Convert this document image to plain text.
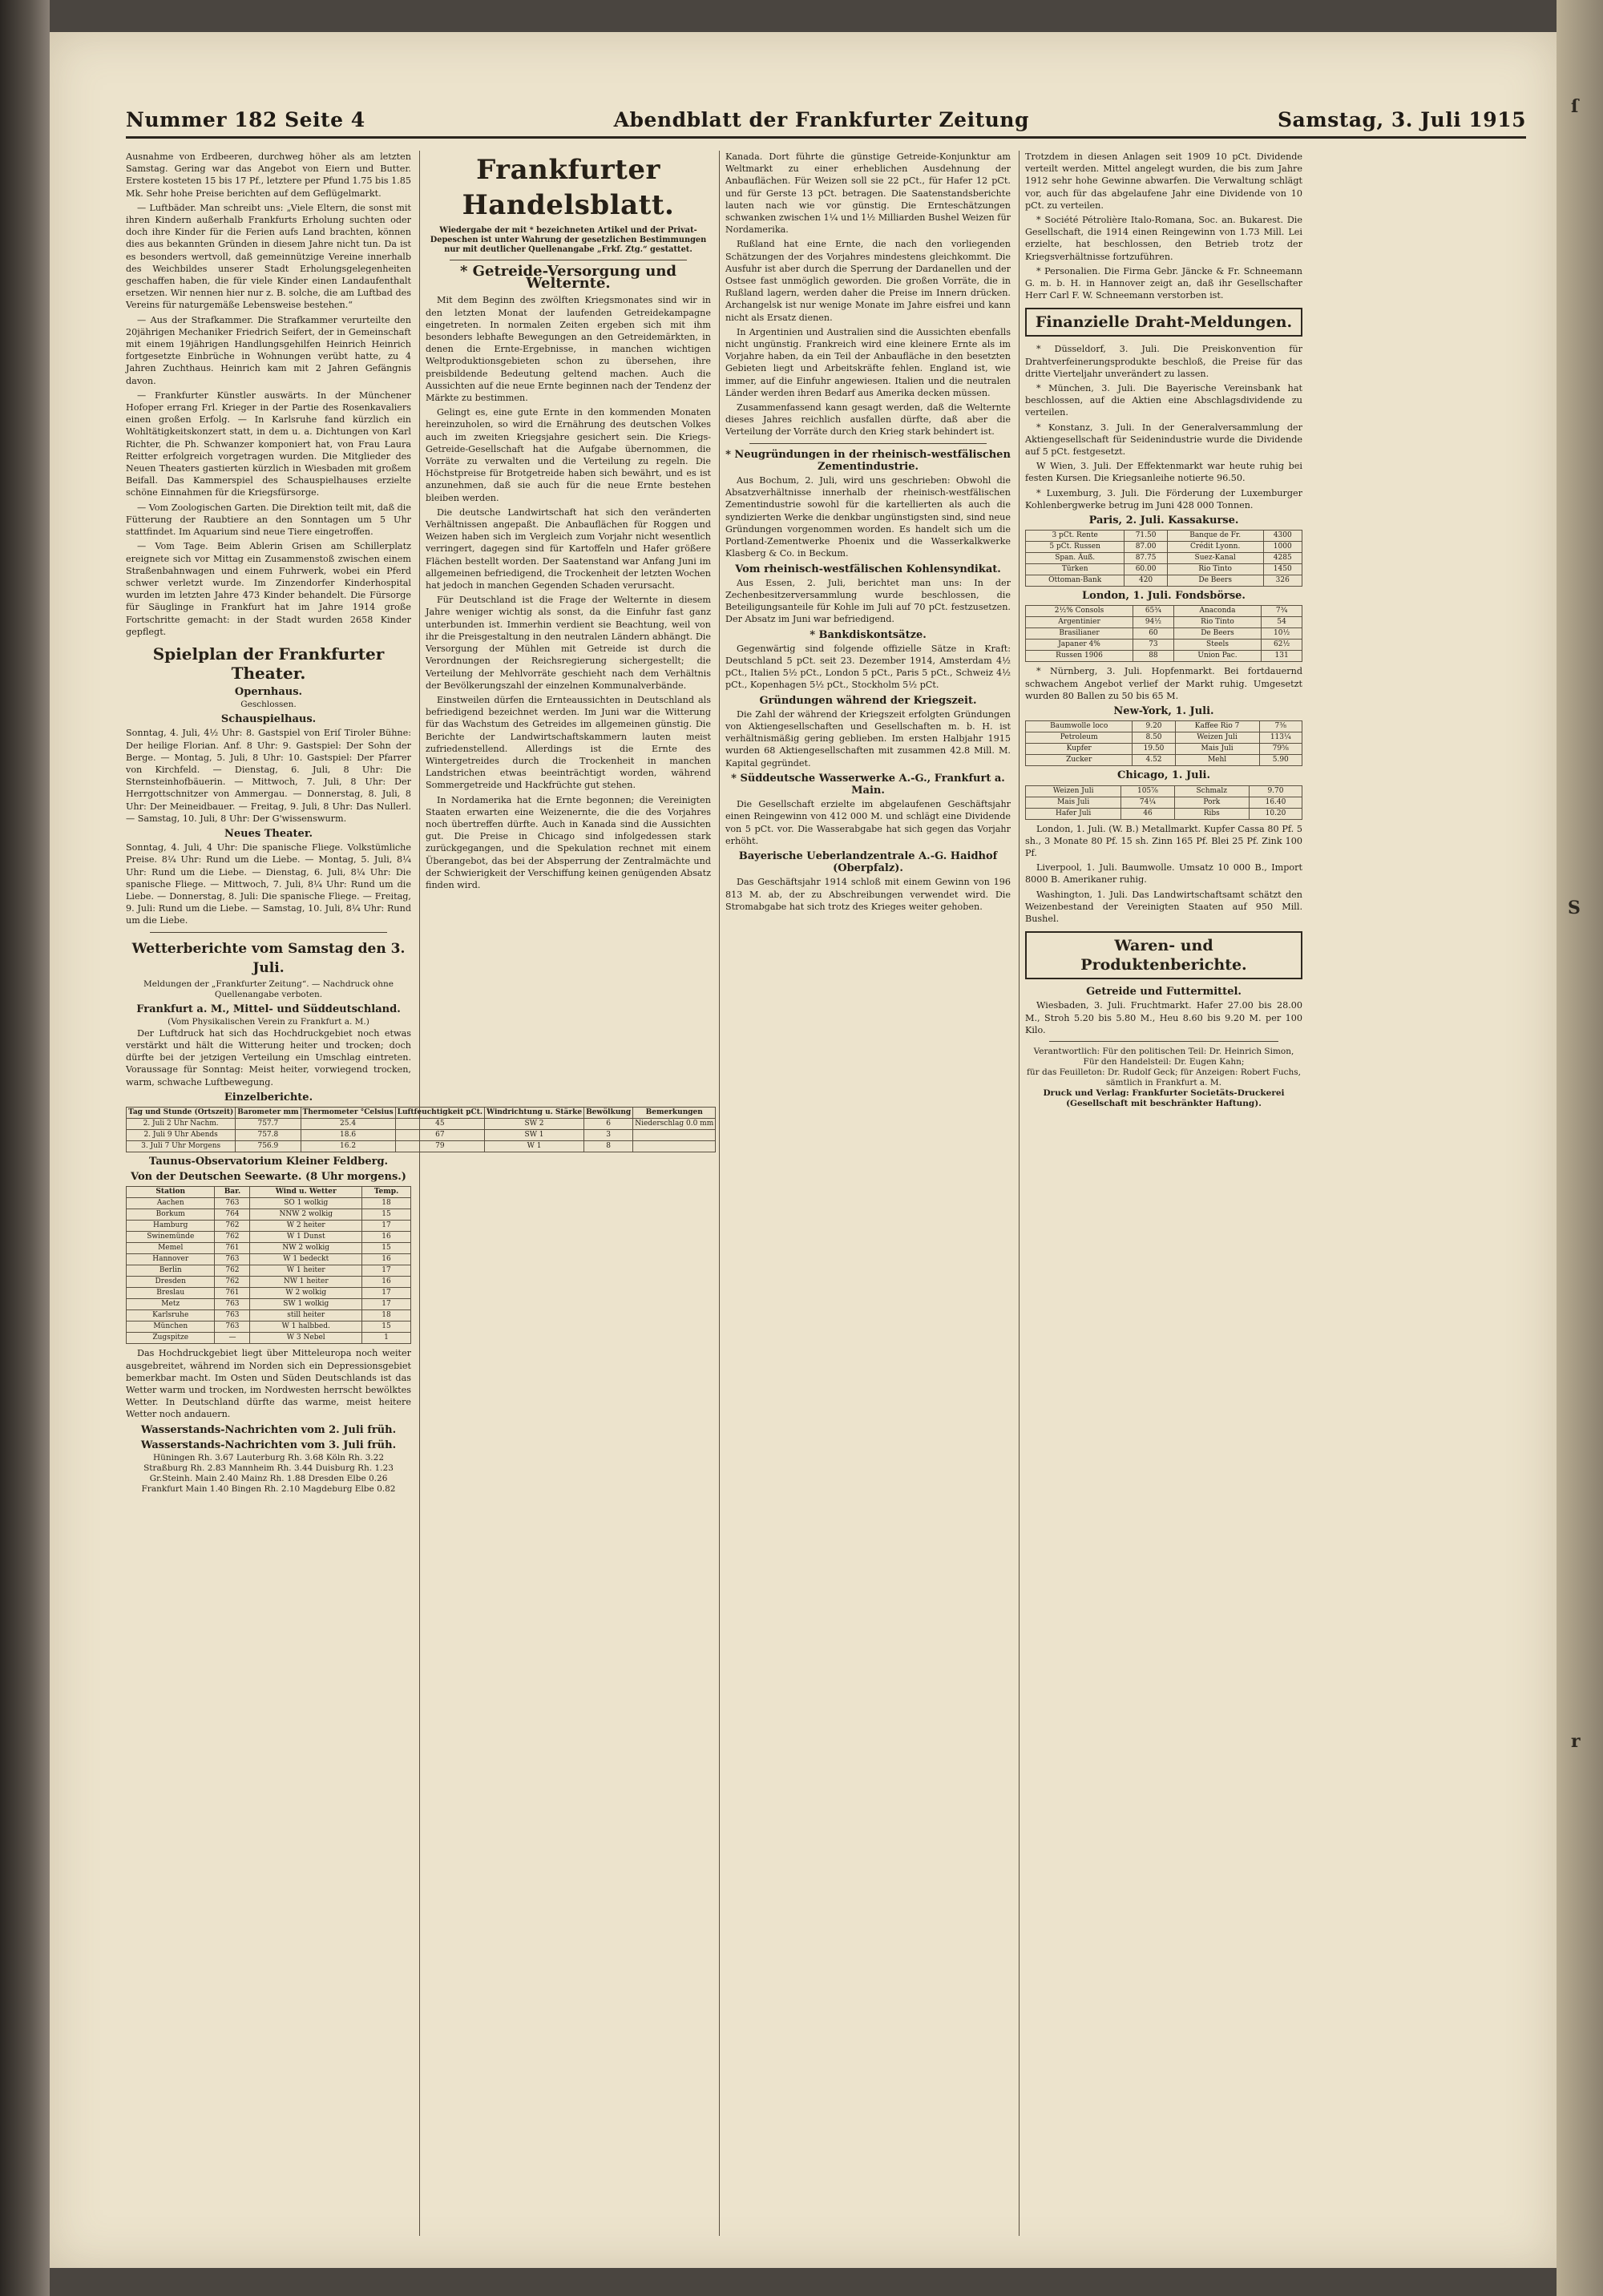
Nummer 182 Seite 4	Abendblatt der Frankfurter Zeitung	Samstag, 3. Juli 1915

Ausnahme von Erdbeeren, durchweg höher als am letzten Samstag. Gering war das Angebot von Eiern und Butter. Erstere kosteten 15 bis 17 Pf., letztere per Pfund 1.75 bis 1.85 Mk. Sehr hohe Preise berichten auf dem Geflügelmarkt.

— Luftbäder. Man schreibt uns: „Viele Eltern, die sonst mit ihren Kindern außerhalb Frankfurts Erholung suchten oder doch ihre Kinder für die Ferien aufs Land brachten, können dies aus bekannten Gründen in diesem Jahre nicht tun. Da ist es besonders wertvoll, daß gemeinnützige Vereine innerhalb des Weichbildes unserer Stadt Erholungsgelegenheiten geschaffen haben, die für viele Kinder einen Landaufenthalt ersetzen. Wir nennen hier nur z. B. solche, die am Luftbad des Vereins für naturgemäße Lebensweise bestehen.“

— Aus der Strafkammer. Die Strafkammer verurteilte den 20jährigen Mechaniker Friedrich Seifert, der in Gemeinschaft mit einem 19jährigen Handlungsgehilfen Heinrich Heinrich fortgesetzte Einbrüche in Wohnungen verübt hatte, zu 4 Jahren Zuchthaus. Heinrich kam mit 2 Jahren Gefängnis davon.

— Frankfurter Künstler auswärts. In der Münchener Hofoper errang Frl. Krieger in der Partie des Rosenkavaliers einen großen Erfolg. — In Karlsruhe fand kürzlich ein Wohltätigkeitskonzert statt, in dem u. a. Dichtungen von Karl Richter, die Ph. Schwanzer komponiert hat, von Frau Laura Reitter erfolgreich vorgetragen wurden. Die Mitglieder des Neuen Theaters gastierten kürzlich in Wiesbaden mit großem Beifall. Das Kammerspiel des Schauspielhauses erzielte schöne Einnahmen für die Kriegsfürsorge.

— Vom Zoologischen Garten. Die Direktion teilt mit, daß die Fütterung der Raubtiere an den Sonntagen um 5 Uhr stattfindet. Im Aquarium sind neue Tiere eingetroffen.

— Vom Tage. Beim Ablerin Grisen am Schillerplatz ereignete sich vor Mittag ein Zusammenstoß zwischen einem Straßenbahnwagen und einem Fuhrwerk, wobei ein Pferd schwer verletzt wurde. Im Zinzendorfer Kinderhospital wurden im letzten Jahre 473 Kinder behandelt. Die Fürsorge für Säuglinge in Frankfurt hat im Jahre 1914 große Fortschritte gemacht: in der Stadt wurden 2658 Kinder gepflegt.

Spielplan der Frankfurter Theater.
Opernhaus.
Geschlossen.
Schauspielhaus.

Sonntag, 4. Juli, 4½ Uhr: 8. Gastspiel von Eriſ Tiroler Bühne: Der heilige Florian. Anf. 8 Uhr: 9. Gastspiel: Der Sohn der Berge. — Montag, 5. Juli, 8 Uhr: 10. Gastspiel: Der Pfarrer von Kirchfeld. — Dienstag, 6. Juli, 8 Uhr: Die Sternsteinhofbäuerin. — Mittwoch, 7. Juli, 8 Uhr: Der Herrgottschnitzer von Ammergau. — Donnerstag, 8. Juli, 8 Uhr: Der Meineidbauer. — Freitag, 9. Juli, 8 Uhr: Das Nullerl. — Samstag, 10. Juli, 8 Uhr: Der G'wissenswurm.

Neues Theater.

Sonntag, 4. Juli, 4 Uhr: Die spanische Fliege. Volkstümliche Preise. 8¼ Uhr: Rund um die Liebe. — Montag, 5. Juli, 8¼ Uhr: Rund um die Liebe. — Dienstag, 6. Juli, 8¼ Uhr: Die spanische Fliege. — Mittwoch, 7. Juli, 8¼ Uhr: Rund um die Liebe. — Donnerstag, 8. Juli: Die spanische Fliege. — Freitag, 9. Juli: Rund um die Liebe. — Samstag, 10. Juli, 8¼ Uhr: Rund um die Liebe.

Wetterberichte vom Samstag den 3. Juli.
Meldungen der „Frankfurter Zeitung“. — Nachdruck ohne Quellenangabe verboten.
Frankfurt a. M., Mittel- und Süddeutschland.
(Vom Physikalischen Verein zu Frankfurt a. M.)

Der Luftdruck hat sich das Hochdruckgebiet noch etwas verstärkt und hält die Witterung heiter und trocken; doch dürfte bei der jetzigen Verteilung ein Umschlag eintreten. Voraussage für Sonntag: Meist heiter, vorwiegend trocken, warm, schwache Luftbewegung.

Einzelberichte.
Tag und Stunde (Ortszeit)	Barometer mm	Thermometer °Celsius	Luftfeuchtigkeit pCt.	Windrichtung u. Stärke	Bewölkung	Bemerkungen
2. Juli 2 Uhr Nachm.	757.7	25.4	45	SW 2	6	Niederschlag 0.0 mm
2. Juli 9 Uhr Abends	757.8	18.6	67	SW 1	3	
3. Juli 7 Uhr Morgens	756.9	16.2	79	W 1	8	
Taunus-Observatorium Kleiner Feldberg.
Von der Deutschen Seewarte. (8 Uhr morgens.)
Station	Bar.	Wind u. Wetter	Temp.
Aachen	763	SO 1 wolkig	18
Borkum	764	NNW 2 wolkig	15
Hamburg	762	W 2 heiter	17
Swinemünde	762	W 1 Dunst	16
Memel	761	NW 2 wolkig	15
Hannover	763	W 1 bedeckt	16
Berlin	762	W 1 heiter	17
Dresden	762	NW 1 heiter	16
Breslau	761	W 2 wolkig	17
Metz	763	SW 1 wolkig	17
Karlsruhe	763	still heiter	18
München	763	W 1 halbbed.	15
Zugspitze	—	W 3 Nebel	1

Das Hochdruckgebiet liegt über Mitteleuropa noch weiter ausgebreitet, während im Norden sich ein Depressionsgebiet bemerkbar macht. Im Osten und Süden Deutschlands ist das Wetter warm und trocken, im Nordwesten herrscht bewölktes Wetter. In Deutschland dürfte das warme, meist heitere Wetter noch andauern.

Wasserstands-Nachrichten vom 2. Juli früh.
Wasserstands-Nachrichten vom 3. Juli früh.
Hüningen Rh. 3.67 Lauterburg Rh. 3.68 Köln Rh. 3.22
Straßburg Rh. 2.83 Mannheim Rh. 3.44 Duisburg Rh. 1.23
Gr.Steinh. Main 2.40 Mainz Rh. 1.88 Dresden Elbe 0.26
Frankfurt Main 1.40 Bingen Rh. 2.10 Magdeburg Elbe 0.82
Frankfurter Handelsblatt.
Wiedergabe der mit * bezeichneten Artikel und der Privat-Depeschen ist unter Wahrung der gesetzlichen Bestimmungen nur mit deutlicher Quellenangabe „Frkf. Ztg.“ gestattet.
* Getreide-Versorgung und Welternte.

Mit dem Beginn des zwölften Kriegsmonates sind wir in den letzten Monat der laufenden Getreidekampagne eingetreten. In normalen Zeiten ergeben sich mit ihm besonders lebhafte Bewegungen an den Getreidemärkten, in denen die Ernte-Ergebnisse, in manchen wichtigen Weltproduktionsgebieten schon zu übersehen, ihre preisbildende Bedeutung geltend machen. Auch die Aussichten auf die neue Ernte beginnen nach der Tendenz der Märkte zu bestimmen.

Gelingt es, eine gute Ernte in den kommenden Monaten hereinzuholen, so wird die Ernährung des deutschen Volkes auch im zweiten Kriegsjahre gesichert sein. Die Kriegs-Getreide-Gesellschaft hat die Aufgabe übernommen, die Vorräte zu verwalten und die Verteilung zu regeln. Die Höchstpreise für Brotgetreide haben sich bewährt, und es ist anzunehmen, daß sie auch für die neue Ernte bestehen bleiben werden.

Die deutsche Landwirtschaft hat sich den veränderten Verhältnissen angepaßt. Die Anbauflächen für Roggen und Weizen haben sich im Vergleich zum Vorjahr nicht wesentlich verringert, dagegen sind für Kartoffeln und Hafer größere Flächen bestellt worden. Der Saatenstand war Anfang Juni im allgemeinen befriedigend, die Trockenheit der letzten Wochen hat jedoch in manchen Gegenden Schaden verursacht.

Für Deutschland ist die Frage der Welternte in diesem Jahre weniger wichtig als sonst, da die Einfuhr fast ganz unterbunden ist. Immerhin verdient sie Beachtung, weil von ihr die Preisgestaltung in den neutralen Ländern abhängt. Die Versorgung der Mühlen mit Getreide ist durch die Verordnungen der Reichsregierung sichergestellt; die Verteilung der Mehlvorräte geschieht nach dem Verhältnis der Bevölkerungszahl der einzelnen Kommunalverbände.

Einstweilen dürfen die Ernteaussichten in Deutschland als befriedigend bezeichnet werden. Im Juni war die Witterung für das Wachstum des Getreides im allgemeinen günstig. Die Berichte der Landwirtschaftskammern lauten meist zufriedenstellend. Allerdings ist die Ernte des Wintergetreides durch die Trockenheit in manchen Landstrichen etwas beeinträchtigt worden, während Sommergetreide und Hackfrüchte gut stehen.

In Nordamerika hat die Ernte begonnen; die Vereinigten Staaten erwarten eine Weizenernte, die die des Vorjahres noch übertreffen dürfte. Auch in Kanada sind die Aussichten gut. Die Preise in Chicago sind infolgedessen stark zurückgegangen, und die Spekulation rechnet mit einem Überangebot, das bei der Absperrung der Zentralmächte und der Schwierigkeit der Verschiffung keinen genügenden Absatz finden wird.

Kanada. Dort führte die günstige Getreide-Konjunktur am Weltmarkt zu einer erheblichen Ausdehnung der Anbauflächen. Für Weizen soll sie 22 pCt., für Hafer 12 pCt. und für Gerste 13 pCt. betragen. Die Saatenstandsberichte lauten nach wie vor günstig. Die Ernteschätzungen schwanken zwischen 1¼ und 1½ Milliarden Bushel Weizen für Nordamerika.

Rußland hat eine Ernte, die nach den vorliegenden Schätzungen der des Vorjahres mindestens gleichkommt. Die Ausfuhr ist aber durch die Sperrung der Dardanellen und der Ostsee fast unmöglich geworden. Die großen Vorräte, die in Rußland lagern, werden daher die Preise im Innern drücken. Archangelsk ist nur wenige Monate im Jahre eisfrei und kann nicht als Ersatz dienen.

In Argentinien und Australien sind die Aussichten ebenfalls nicht ungünstig. Frankreich wird eine kleinere Ernte als im Vorjahre haben, da ein Teil der Anbaufläche in den besetzten Gebieten liegt und Arbeitskräfte fehlen. England ist, wie immer, auf die Einfuhr angewiesen. Italien und die neutralen Länder werden ihren Bedarf aus Amerika decken müssen.

Zusammenfassend kann gesagt werden, daß die Welternte dieses Jahres reichlich ausfallen dürfte, daß aber die Verteilung der Vorräte durch den Krieg stark behindert ist.

* Neugründungen in der rheinisch-westfälischen Zementindustrie.

Aus Bochum, 2. Juli, wird uns geschrieben: Obwohl die Absatzverhältnisse innerhalb der rheinisch-westfälischen Zementindustrie sowohl für die kartellierten als auch die syndizierten Werke die denkbar ungünstigsten sind, sind neue Gründungen vorgenommen worden. Es handelt sich um die Portland-Zementwerke Phoenix und die Wasserkalkwerke Klasberg & Co. in Beckum.

Vom rheinisch-westfälischen Kohlensyndikat.

Aus Essen, 2. Juli, berichtet man uns: In der Zechenbesitzerversammlung wurde beschlossen, die Beteiligungsanteile für Kohle im Juli auf 70 pCt. festzusetzen. Der Absatz im Juni war befriedigend.

* Bankdiskontsätze.

Gegenwärtig sind folgende offizielle Sätze in Kraft: Deutschland 5 pCt. seit 23. Dezember 1914, Amsterdam 4½ pCt., Italien 5½ pCt., London 5 pCt., Paris 5 pCt., Schweiz 4½ pCt., Kopenhagen 5½ pCt., Stockholm 5½ pCt.

Gründungen während der Kriegszeit.

Die Zahl der während der Kriegszeit erfolgten Gründungen von Aktiengesellschaften und Gesellschaften m. b. H. ist verhältnismäßig gering geblieben. Im ersten Halbjahr 1915 wurden 68 Aktiengesellschaften mit zusammen 42.8 Mill. M. Kapital gegründet.

* Süddeutsche Wasserwerke A.-G., Frankfurt a. Main.

Die Gesellschaft erzielte im abgelaufenen Geschäftsjahr einen Reingewinn von 412 000 M. und schlägt eine Dividende von 5 pCt. vor. Die Wasserabgabe hat sich gegen das Vorjahr erhöht.

Bayerische Ueberlandzentrale A.-G. Haidhof (Oberpfalz).

Das Geschäftsjahr 1914 schloß mit einem Gewinn von 196 813 M. ab, der zu Abschreibungen verwendet wird. Die Stromabgabe hat sich trotz des Krieges weiter gehoben.

Trotzdem in diesen Anlagen seit 1909 10 pCt. Dividende verteilt werden. Mittel angelegt wurden, die bis zum Jahre 1912 sehr hohe Gewinne abwarfen. Die Verwaltung schlägt vor, auch für das abgelaufene Jahr eine Dividende von 10 pCt. zu verteilen.

* Société Pétrolière Italo-Romana, Soc. an. Bukarest. Die Gesellschaft, die 1914 einen Reingewinn von 1.73 Mill. Lei erzielte, hat beschlossen, den Betrieb trotz der Kriegsverhältnisse fortzuführen.

* Personalien. Die Firma Gebr. Jäncke & Fr. Schneemann G. m. b. H. in Hannover zeigt an, daß ihr Gesellschafter Herr Carl F. W. Schneemann verstorben ist.

Finanzielle Draht-Meldungen.

* Düsseldorf, 3. Juli. Die Preiskonvention für Drahtverfeinerungsprodukte beschloß, die Preise für das dritte Vierteljahr unverändert zu lassen.

* München, 3. Juli. Die Bayerische Vereinsbank hat beschlossen, auf die Aktien eine Abschlagsdividende zu verteilen.

* Konstanz, 3. Juli. In der Generalversammlung der Aktiengesellschaft für Seidenindustrie wurde die Dividende auf 5 pCt. festgesetzt.

W Wien, 3. Juli. Der Effektenmarkt war heute ruhig bei festen Kursen. Die Kriegsanleihe notierte 96.50.

* Luxemburg, 3. Juli. Die Förderung der Luxemburger Kohlenbergwerke betrug im Juni 428 000 Tonnen.

Paris, 2. Juli. Kassakurse.
3 pCt. Rente	71.50	Banque de Fr.	4300
5 pCt. Russen	87.00	Crédit Lyonn.	1000
Span. Äuß.	87.75	Suez-Kanal	4285
Türken	60.00	Rio Tinto	1450
Ottoman-Bank	420	De Beers	326
London, 1. Juli. Fondsbörse.
2½% Consols	65¾	Anaconda	7¾
Argentinier	94½	Rio Tinto	54
Brasilianer	60	De Beers	10½
Japaner 4%	73	Steels	62½
Russen 1906	88	Union Pac.	131

* Nürnberg, 3. Juli. Hopfenmarkt. Bei fortdauernd schwachem Angebot verlief der Markt ruhig. Umgesetzt wurden 80 Ballen zu 50 bis 65 M.

New-York, 1. Juli.
Baumwolle loco	9.20	Kaffee Rio 7	7⅜
Petroleum	8.50	Weizen Juli	113¼
Kupfer	19.50	Mais Juli	79⅝
Zucker	4.52	Mehl	5.90
Chicago, 1. Juli.
Weizen Juli	105⅞	Schmalz	9.70
Mais Juli	74¼	Pork	16.40
Hafer Juli	46	Ribs	10.20

London, 1. Juli. (W. B.) Metallmarkt. Kupfer Cassa 80 Pf. 5 sh., 3 Monate 80 Pf. 15 sh. Zinn 165 Pf. Blei 25 Pf. Zink 100 Pf.

Liverpool, 1. Juli. Baumwolle. Umsatz 10 000 B., Import 8000 B. Amerikaner ruhig.

Washington, 1. Juli. Das Landwirtschaftsamt schätzt den Weizenbestand der Vereinigten Staaten auf 950 Mill. Bushel.

Waren- und Produktenberichte.
Getreide und Futtermittel.

Wiesbaden, 3. Juli. Fruchtmarkt. Hafer 27.00 bis 28.00 M., Stroh 5.20 bis 5.80 M., Heu 8.60 bis 9.20 M. per 100 Kilo.

Verantwortlich: Für den politischen Teil: Dr. Heinrich Simon, Für den Handelsteil: Dr. Eugen Kahn;
für das Feuilleton: Dr. Rudolf Geck; für Anzeigen: Robert Fuchs, sämtlich in Frankfurt a. M.
Druck und Verlag: Frankfurter Societäts-Druckerei (Gesellschaft mit beschränkter Haftung).
ſ
S
r
